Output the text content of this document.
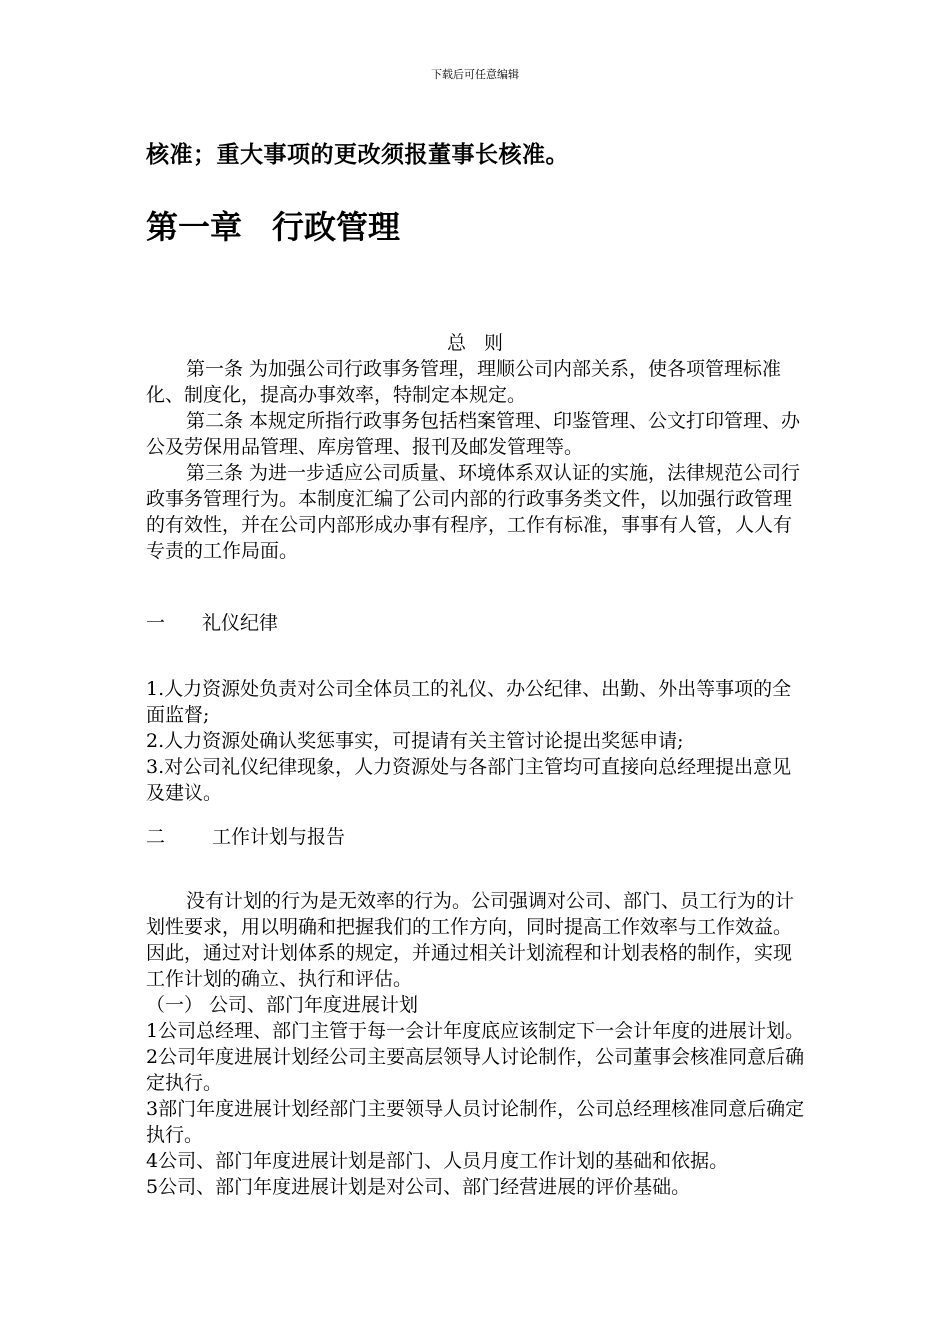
下载后可任意编辑
核准；重大事项的更改须报董事长核准。
第一章 行政管理
总 则

第一条 为加强公司行政事务管理，理顺公司内部关系，使各项管理标准化、制度化，提高办事效率，特制定本规定。

第二条 本规定所指行政事务包括档案管理、印鉴管理、公文打印管理、办公及劳保用品管理、库房管理、报刊及邮发管理等。

第三条 为进一步适应公司质量、环境体系双认证的实施，法律规范公司行政事务管理行为。本制度汇编了公司内部的行政事务类文件，以加强行政管理的有效性，并在公司内部形成办事有程序，工作有标准，事事有人管，人人有专责的工作局面。

一 礼仪纪律

1.人力资源处负责对公司全体员工的礼仪、办公纪律、出勤、外出等事项的全面监督;

2.人力资源处确认奖惩事实，可提请有关主管讨论提出奖惩申请;

3.对公司礼仪纪律现象，人力资源处与各部门主管均可直接向总经理提出意见及建议。

二 工作计划与报告

没有计划的行为是无效率的行为。公司强调对公司、部门、员工行为的计划性要求，用以明确和把握我们的工作方向，同时提高工作效率与工作效益。因此，通过对计划体系的规定，并通过相关计划流程和计划表格的制作，实现工作计划的确立、执行和评估。

（一） 公司、部门年度进展计划

1公司总经理、部门主管于每一会计年度底应该制定下一会计年度的进展计划。

2公司年度进展计划经公司主要高层领导人讨论制作，公司董事会核准同意后确定执行。

3部门年度进展计划经部门主要领导人员讨论制作，公司总经理核准同意后确定执行。

4公司、部门年度进展计划是部门、人员月度工作计划的基础和依据。

5公司、部门年度进展计划是对公司、部门经营进展的评价基础。
